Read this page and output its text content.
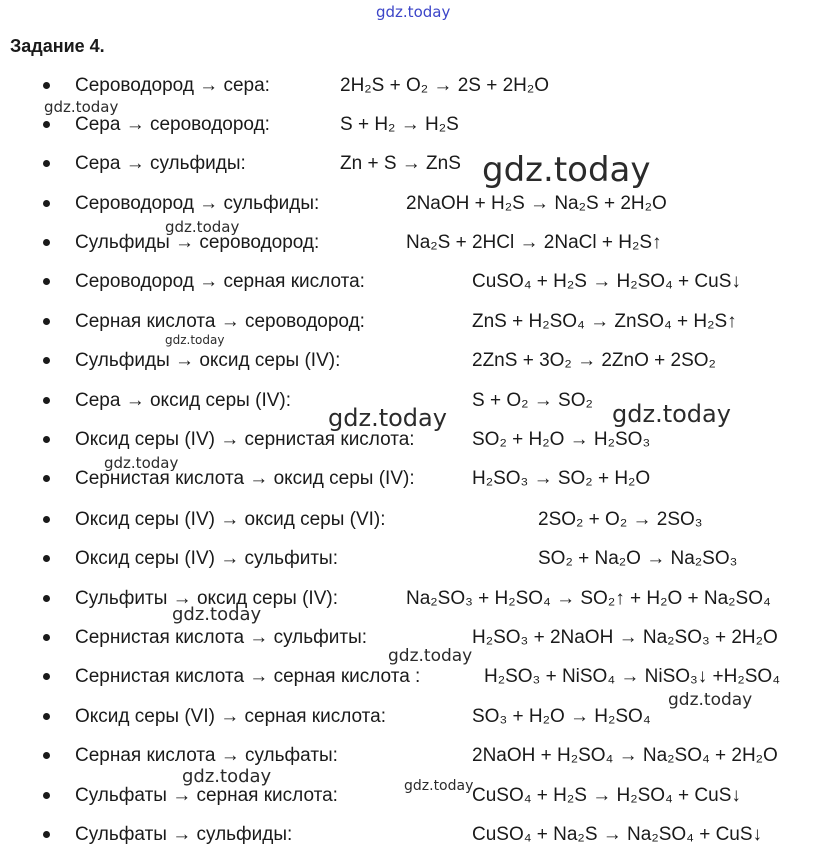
gdz.today
Задание 4.
Сероводород → сера:	2H₂S + O₂ → 2S + 2H₂O
Сера → сероводород:	S + H₂ → H₂S
Сера → сульфиды:	Zn + S → ZnS
Сероводород → сульфиды:	2NaOH + H₂S → Na₂S + 2H₂O
Сульфиды → сероводород:	Na₂S + 2HCl → 2NaCl + H₂S↑
Сероводород → серная кислота:	CuSO₄ + H₂S → H₂SO₄ + CuS↓
Серная кислота → сероводород:	ZnS + H₂SO₄ → ZnSO₄ + H₂S↑
Сульфиды → оксид серы (IV):	2ZnS + 3O₂ → 2ZnO + 2SO₂
Сера → оксид серы (IV):	S + O₂ → SO₂
Оксид серы (IV) → сернистая кислота:	SO₂ + H₂O → H₂SO₃
Сернистая кислота → оксид серы (IV):	H₂SO₃ → SO₂ + H₂O
Оксид серы (IV) → оксид серы (VI):	2SO₂ + O₂ → 2SO₃
Оксид серы (IV) → сульфиты:	SO₂ + Na₂O → Na₂SO₃
Сульфиты → оксид серы (IV):	Na₂SO₃ + H₂SO₄ → SO₂↑ + H₂O + Na₂SO₄
Сернистая кислота → сульфиты:	H₂SO₃ + 2NaOH → Na₂SO₃ + 2H₂O
Сернистая кислота → серная кислота :	H₂SO₃ + NiSO₄ → NiSO₃↓ +H₂SO₄
Оксид серы (VI) → серная кислота:	SO₃ + H₂O → H₂SO₄
Серная кислота → сульфаты:	2NaOH + H₂SO₄ → Na₂SO₄ + 2H₂O
Сульфаты → серная кислота:	CuSO₄ + H₂S → H₂SO₄ + CuS↓
Сульфаты → сульфиды:	CuSO₄ + Na₂S → Na₂SO₄ + CuS↓
gdz.today
gdz.today
gdz.today
gdz.today
gdz.today	gdz.today
gdz.today
gdz.today
gdz.today
gdz.today
gdz.today	gdz.today
